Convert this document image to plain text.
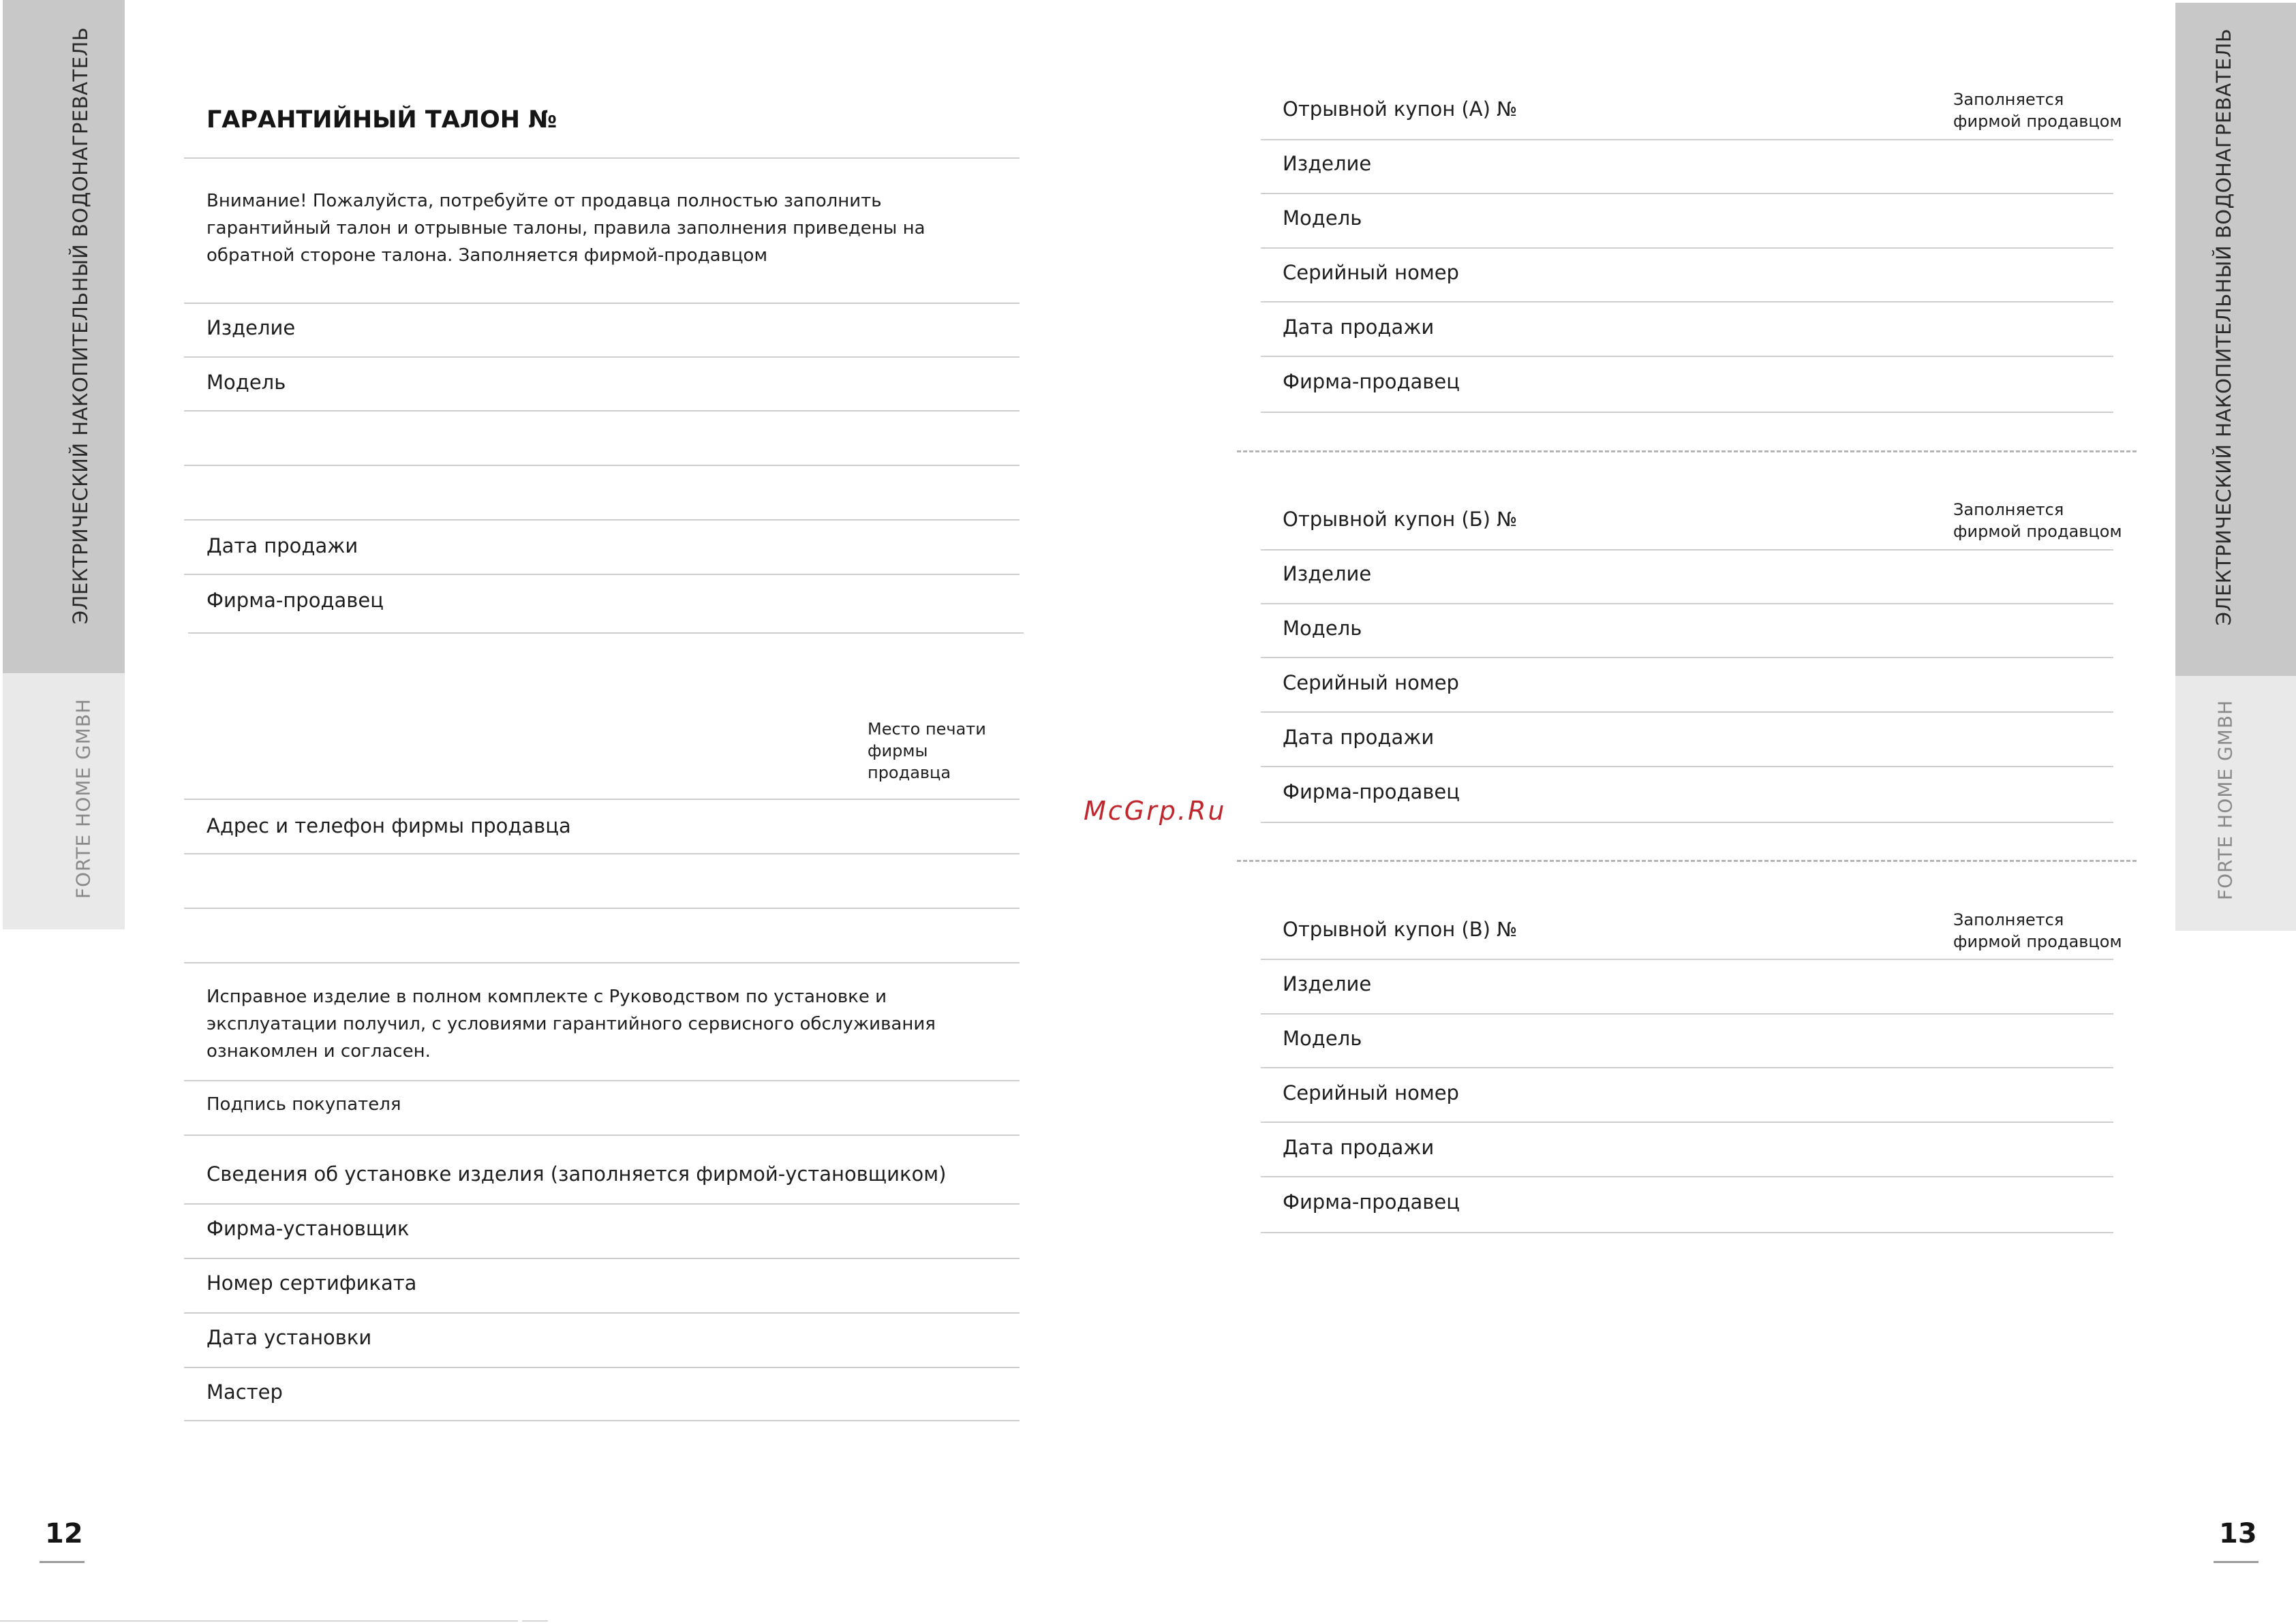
ЭЛЕКТРИЧЕСКИЙ НАКОПИТЕЛЬНЫЙ ВОДОНАГРЕВАТЕЛЬ
FORTE HOME GMBH
ЭЛЕКТРИЧЕСКИЙ НАКОПИТЕЛЬНЫЙ ВОДОНАГРЕВАТЕЛЬ
FORTE HOME GMBH
ГАРАНТИЙНЫЙ ТАЛОН №
Внимание! Пожалуйста, потребуйте от продавца полностью заполнить гарантийный талон и отрывные талоны, правила заполнения приведены на обратной стороне талона. Заполняется фирмой-продавцом
Изделие
Модель
Дата продажи
Фирма-продавец
Место печати фирмы продавца
Адрес и телефон фирмы продавца
Исправное изделие в полном комплекте с Руководством по установке и эксплуатации получил, с условиями гарантийного сервисного обслуживания ознакомлен и согласен.
Подпись покупателя
Сведения об установке изделия (заполняется фирмой-установщиком)
Фирма-установщик
Номер сертификата
Дата установки
Мастер
12
McGrp.Ru
Отрывной купон (А) №	Заполняется фирмой продавцом
Изделие
Модель
Серийный номер
Дата продажи
Фирма-продавец
Отрывной купон (Б) №	Заполняется фирмой продавцом
Изделие
Модель
Серийный номер
Дата продажи
Фирма-продавец
Отрывной купон (В) №	Заполняется фирмой продавцом
Изделие
Модель
Серийный номер
Дата продажи
Фирма-продавец
13
